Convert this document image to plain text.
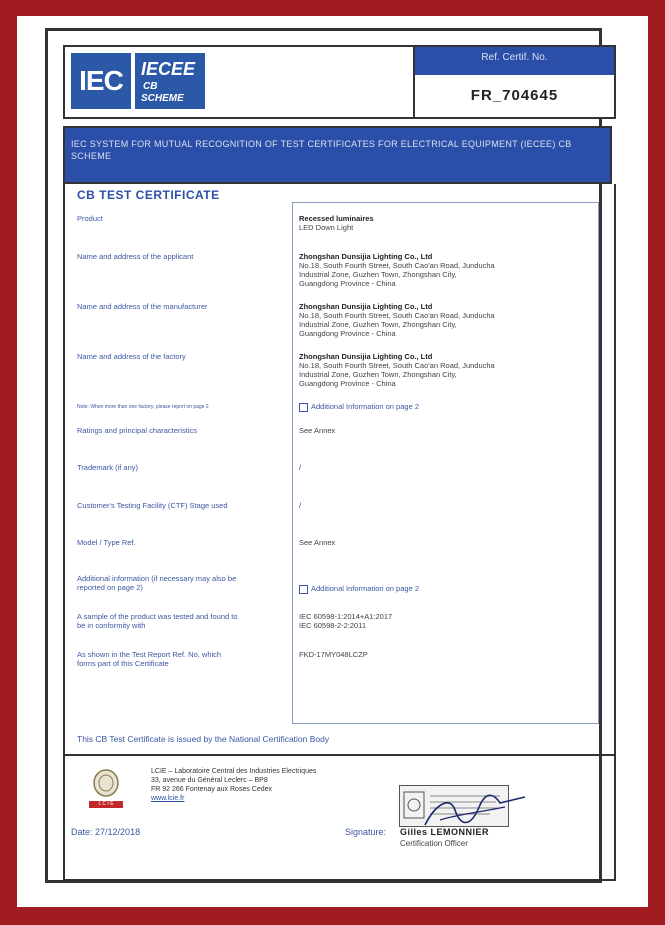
IEC	IECEE
CB
SCHEME
Ref. Certif. No.
FR_704645
IEC SYSTEM FOR MUTUAL RECOGNITION OF TEST CERTIFICATES FOR ELECTRICAL EQUIPMENT (IECEE) CB SCHEME
CB TEST CERTIFICATE
Product	Recessed luminaires
LED Down Light
Name and address of the applicant	Zhongshan Dunsijia Lighting Co., Ltd
No.18, South Fourth Street, South Cao'an Road, Junducha
Industrial Zone, Guzhen Town, Zhongshan City,
Guangdong Province - China
Name and address of the manufacturer	Zhongshan Dunsijia Lighting Co., Ltd
No.18, South Fourth Street, South Cao'an Road, Junducha
Industrial Zone, Guzhen Town, Zhongshan City,
Guangdong Province - China
Name and address of the factory	Zhongshan Dunsijia Lighting Co., Ltd
No.18, South Fourth Street, South Cao'an Road, Junducha
Industrial Zone, Guzhen Town, Zhongshan City,
Guangdong Province - China
Note: When more than one factory, please report on page 2	Additional Information on page 2
Ratings and principal characteristics	See Annex
Trademark (if any)	/
Customer's Testing Facility (CTF) Stage used	/
Model / Type Ref.	See Annex
Additional information (if necessary may also be
reported on page 2)	Additional Information on page 2
A sample of the product was tested and found to
be in conformity with
IEC 60598-1:2014+A1:2017
IEC 60598-2-2:2011
As shown in the Test Report Ref. No. which
forms part of this Certificate
FKD-17MY048LCZP
This CB Test Certificate is issued by the National Certification Body
L C I E
LCIE – Laboratoire Central des Industries Electriques
33, avenue du Général Leclerc – BP8
FR 92 266 Fontenay aux Roses Cedex
www.lcie.fr
Date: 27/12/2018	Signature: Gilles LEMONNIER
Certification Officer
